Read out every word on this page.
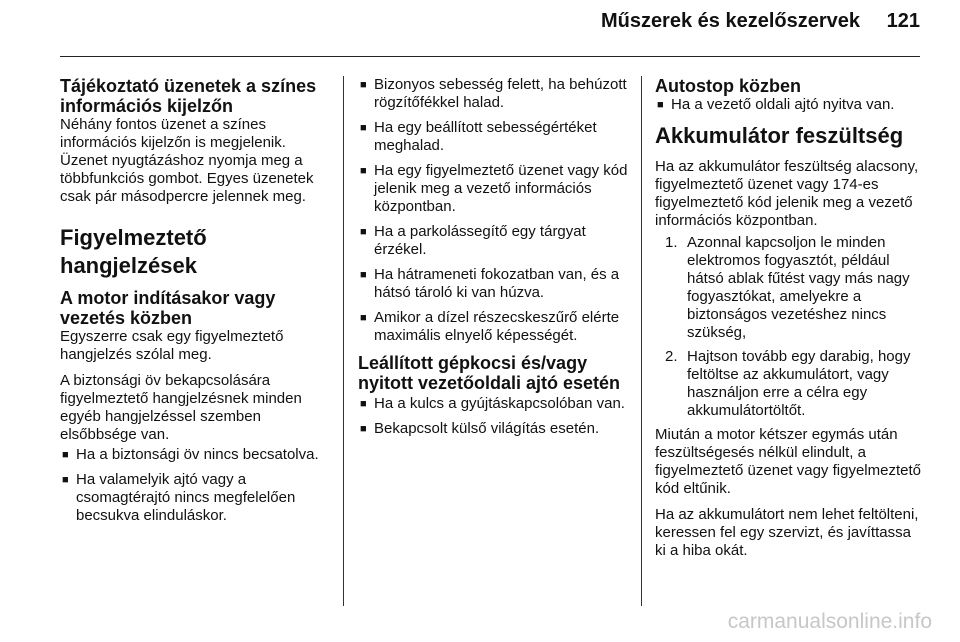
Műszerek és kezelőszervek 121
Tájékoztató üzenetek a színes információs kijelzőn

Néhány fontos üzenet a színes információs kijelzőn is megjelenik. Üzenet nyugtázáshoz nyomja meg a többfunkciós gombot. Egyes üzenetek csak pár másodpercre jelennek meg.

Figyelmeztető hangjelzések
A motor indításakor vagy vezetés közben

Egyszerre csak egy figyelmeztető hangjelzés szólal meg.

A biztonsági öv bekapcsolására figyelmeztető hangjelzésnek minden egyéb hangjelzéssel szemben elsőbbsége van.

■ Ha a biztonsági öv nincs becsatolva.
■ Ha valamelyik ajtó vagy a csomagtérajtó nincs megfelelően becsukva elinduláskor.
■ Bizonyos sebesség felett, ha behúzott rögzítőfékkel halad.
■ Ha egy beállított sebességértéket meghalad.
■ Ha egy figyelmeztető üzenet vagy kód jelenik meg a vezető információs központban.
■ Ha a parkolássegítő egy tárgyat érzékel.
■ Ha hátrameneti fokozatban van, és a hátsó tároló ki van húzva.
■ Amikor a dízel részecskeszűrő elérte maximális elnyelő képességét.
Leállított gépkocsi és/vagy nyitott vezetőoldali ajtó esetén
■ Ha a kulcs a gyújtáskapcsolóban van.
■ Bekapcsolt külső világítás esetén.
Autostop közben
■ Ha a vezető oldali ajtó nyitva van.
Akkumulátor feszültség

Ha az akkumulátor feszültség alacsony, figyelmeztető üzenet vagy 174-es figyelmeztető kód jelenik meg a vezető információs központban.

1. Azonnal kapcsoljon le minden elektromos fogyasztót, például hátsó ablak fűtést vagy más nagy fogyasztókat, amelyekre a biztonságos vezetéshez nincs szükség,
2. Hajtson tovább egy darabig, hogy feltöltse az akkumulátort, vagy használjon erre a célra egy akkumulátortöltőt.

Miután a motor kétszer egymás után feszültségesés nélkül elindult, a figyelmeztető üzenet vagy figyelmeztető kód eltűnik.

Ha az akkumulátort nem lehet feltölteni, keressen fel egy szervizt, és javíttassa ki a hiba okát.

carmanualsonline.info
